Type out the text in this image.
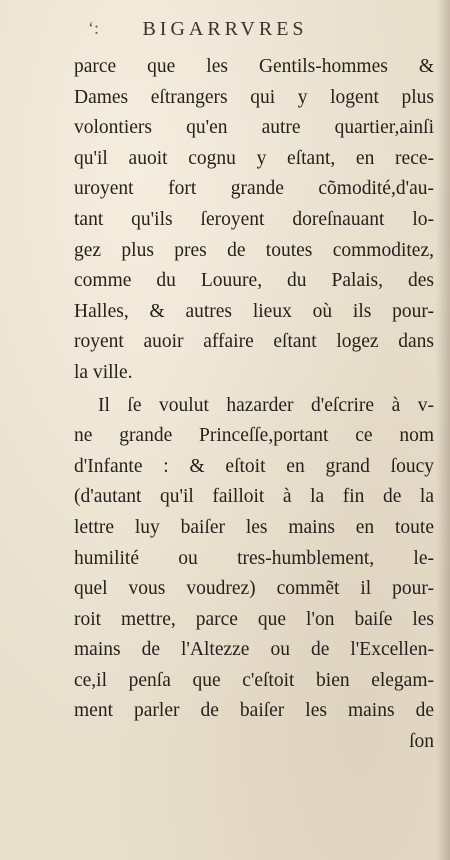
‘: BIGARRVRES
parce que les Gentils-hommes &
Dames eſtrangers qui y logent plus
volontiers qu'en autre quartier,ainſi
qu'il auoit cognu y eſtant, en rece-
uroyent fort grande cõmodité,d'au-
tant qu'ils ſeroyent doreſnauant lo-
gez plus pres de toutes commoditez,
comme du Louure, du Palais, des
Halles, & autres lieux où ils pour-
royent auoir affaire eſtant logez dans
la ville.
Il ſe voulut hazarder d'eſcrire à v-
ne grande Princeſſe,portant ce nom
d'Infante : & eſtoit en grand ſoucy
(d'autant qu'il failloit à la fin de la
lettre luy baiſer les mains en toute
humilité ou tres-humblement, le-
quel vous voudrez) commẽt il pour-
roit mettre, parce que l'on baiſe les
mains de l'Altezze ou de l'Excellen-
ce,il penſa que c'eſtoit bien elegam-
ment parler de baiſer les mains de
ſon
